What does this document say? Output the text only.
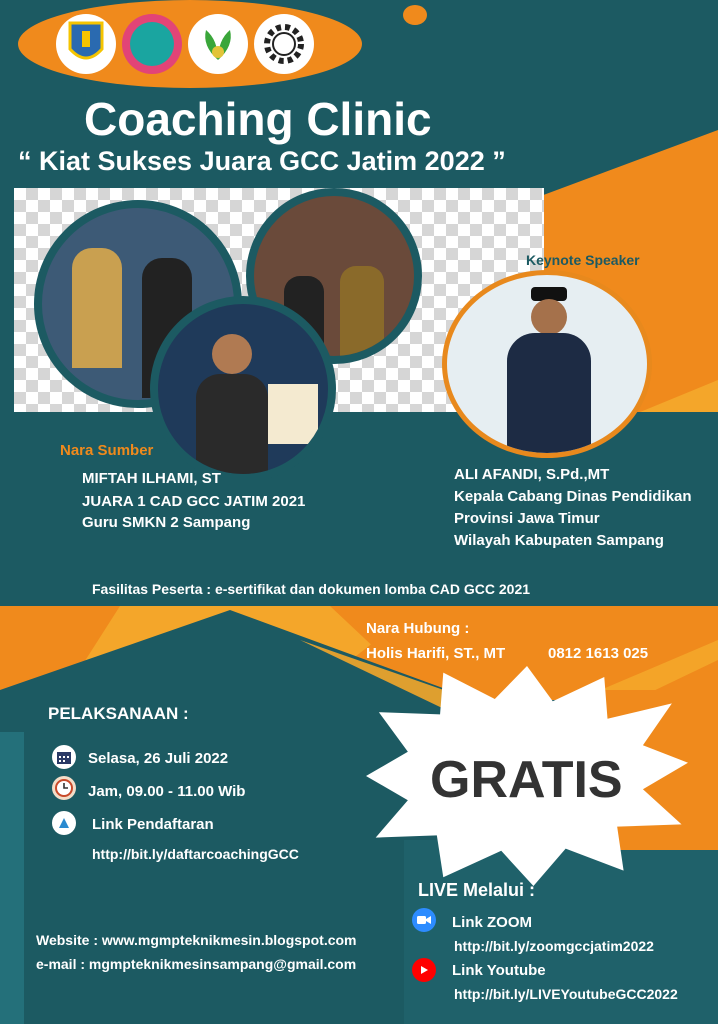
Coaching Clinic
“ Kiat Sukses Juara GCC Jatim 2022 ”
Keynote Speaker
Nara Sumber
MIFTAH ILHAMI, ST
JUARA 1 CAD GCC JATIM 2021
Guru SMKN 2 Sampang
ALI AFANDI, S.Pd.,MT
Kepala Cabang Dinas Pendidikan
Provinsi Jawa Timur
Wilayah Kabupaten Sampang
Fasilitas Peserta : e-sertifikat dan dokumen lomba CAD GCC 2021
Nara Hubung :
Holis Harifi, ST., MT	0812 1613 025
PELAKSANAAN :
Selasa, 26 Juli 2022
Jam, 09.00 - 11.00 Wib
Link Pendaftaran
http://bit.ly/daftarcoachingGCC
GRATIS
LIVE Melalui :
Link ZOOM
http://bit.ly/zoomgccjatim2022
Link Youtube
http://bit.ly/LIVEYoutubeGCC2022
Website : www.mgmpteknikmesin.blogspot.com
e-mail : mgmpteknikmesinsampang@gmail.com
